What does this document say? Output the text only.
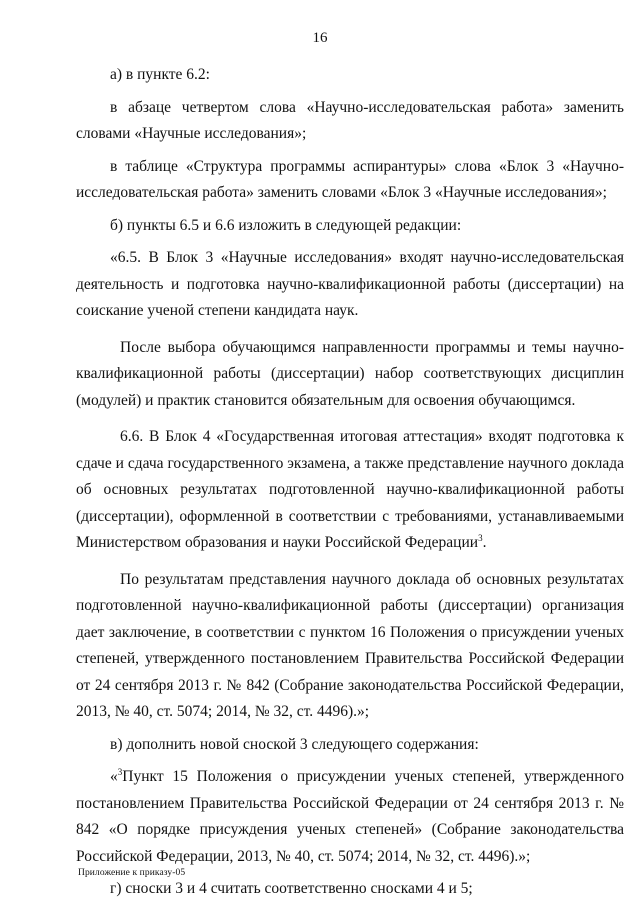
16

а) в пункте 6.2:

в абзаце четвертом слова «Научно-исследовательская работа» заменить словами «Научные исследования»;

в таблице «Структура программы аспирантуры» слова «Блок 3 «Научно-исследовательская работа» заменить словами «Блок 3 «Научные исследования»;

б) пункты 6.5 и 6.6 изложить в следующей редакции:

«6.5. В Блок 3 «Научные исследования» входят научно-исследовательская деятельность и подготовка научно-квалификационной работы (диссертации) на соискание ученой степени кандидата наук.

После выбора обучающимся направленности программы и темы научно-квалификационной работы (диссертации) набор соответствующих дисциплин (модулей) и практик становится обязательным для освоения обучающимся.

6.6. В Блок 4 «Государственная итоговая аттестация» входят подготовка к сдаче и сдача государственного экзамена, а также представление научного доклада об основных результатах подготовленной научно-квалификационной работы (диссертации), оформленной в соответствии с требованиями, устанавливаемыми Министерством образования и науки Российской Федерации$^3$.

По результатам представления научного доклада об основных результатах подготовленной научно-квалификационной работы (диссертации) организация дает заключение, в соответствии с пунктом 16 Положения о присуждении ученых степеней, утвержденного постановлением Правительства Российской Федерации от 24 сентября 2013 г. № 842 (Собрание законодательства Российской Федерации, 2013, № 40, ст. 5074; 2014, № 32, ст. 4496).»;

в) дополнить новой сноской 3 следующего содержания:

«$^3$Пункт 15 Положения о присуждении ученых степеней, утвержденного постановлением Правительства Российской Федерации от 24 сентября 2013 г. № 842 «О порядке присуждения ученых степеней» (Собрание законодательства Российской Федерации, 2013, № 40, ст. 5074; 2014, № 32, ст. 4496).»;

г) сноски 3 и 4 считать соответственно сносками 4 и 5;

Приложение к приказу-05
